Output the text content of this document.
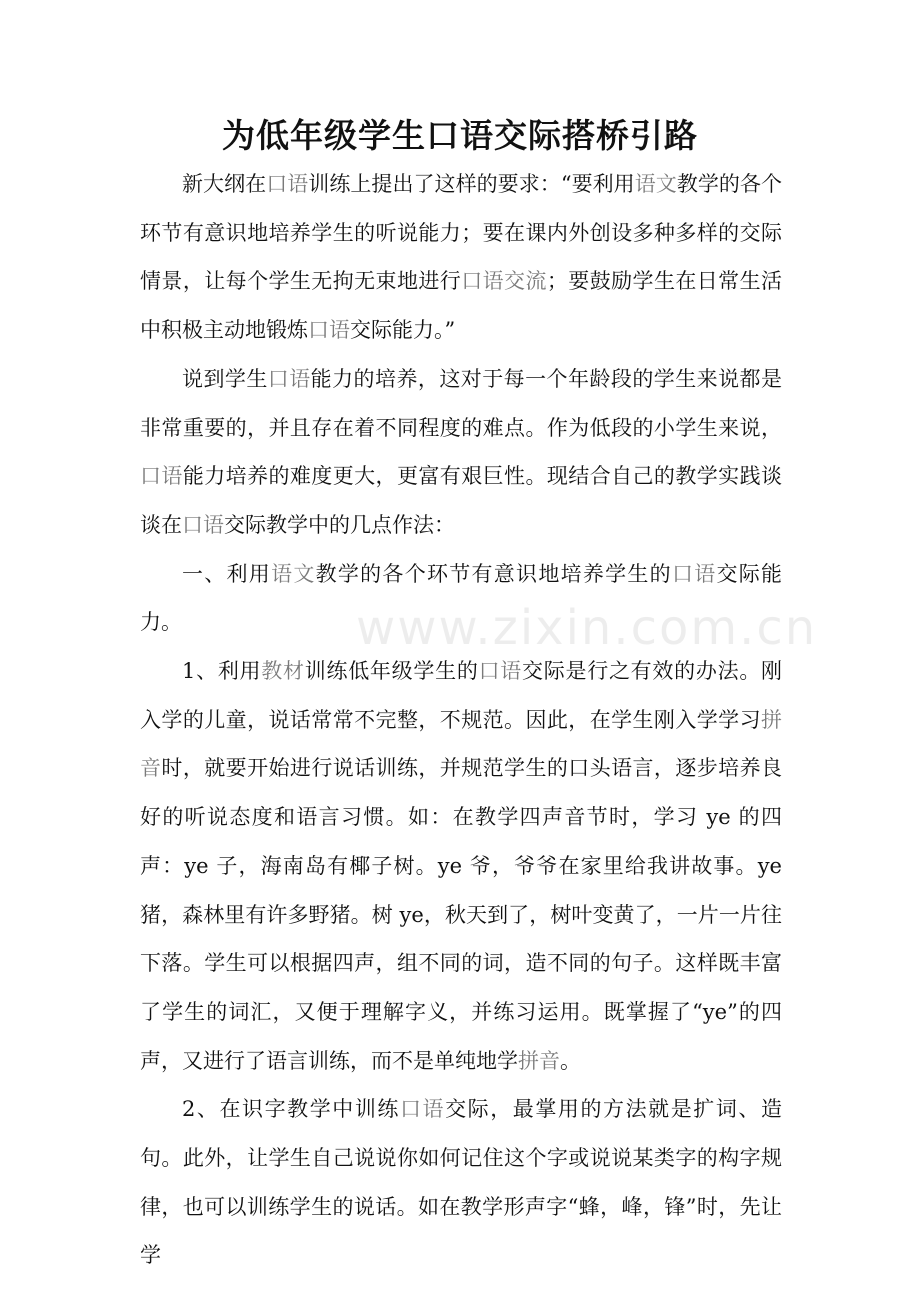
为低年级学生口语交际搭桥引路

新大纲在口语训练上提出了这样的要求：“要利用语文教学的各个环节有意识地培养学生的听说能力；要在课内外创设多种多样的交际情景，让每个学生无拘无束地进行口语交流；要鼓励学生在日常生活中积极主动地锻炼口语交际能力。”

说到学生口语能力的培养，这对于每一个年龄段的学生来说都是非常重要的，并且存在着不同程度的难点。作为低段的小学生来说，口语能力培养的难度更大，更富有艰巨性。现结合自己的教学实践谈谈在口语交际教学中的几点作法：

一、利用语文教学的各个环节有意识地培养学生的口语交际能力。

1、利用教材训练低年级学生的口语交际是行之有效的办法。刚入学的儿童，说话常常不完整，不规范。因此，在学生刚入学学习拼音时，就要开始进行说话训练，并规范学生的口头语言，逐步培养良好的听说态度和语言习惯。如：在教学四声音节时，学习 ye 的四声：ye 子，海南岛有椰子树。ye 爷，爷爷在家里给我讲故事。ye 猪，森林里有许多野猪。树 ye，秋天到了，树叶变黄了，一片一片往下落。学生可以根据四声，组不同的词，造不同的句子。这样既丰富了学生的词汇，又便于理解字义，并练习运用。既掌握了“ye”的四声，又进行了语言训练，而不是单纯地学拼音。

2、在识字教学中训练口语交际，最掌用的方法就是扩词、造句。此外，让学生自己说说你如何记住这个字或说说某类字的构字规律，也可以训练学生的说话。如在教学形声字“蜂，峰，锋”时，先让学

www.zixin.com.cn
